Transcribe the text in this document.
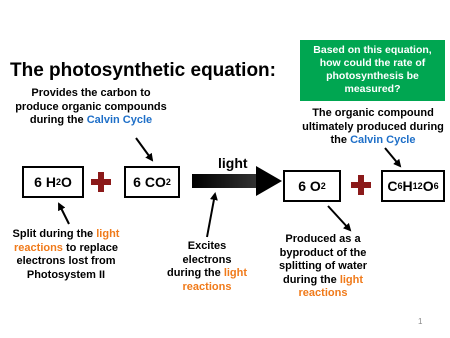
The photosynthetic equation:
Based on this equation, how could the rate of photosynthesis be measured?
Provides the carbon to produce organic compounds during the Calvin Cycle
The organic compound ultimately produced during the Calvin Cycle
6
H 2 O	6
CO 2
light
6
O 2	C 6 H 12 O 6
Split during the light reactions to replace electrons lost from Photosystem II
Excites electrons during the light reactions
Produced as a byproduct of the splitting of water during the light reactions
1
